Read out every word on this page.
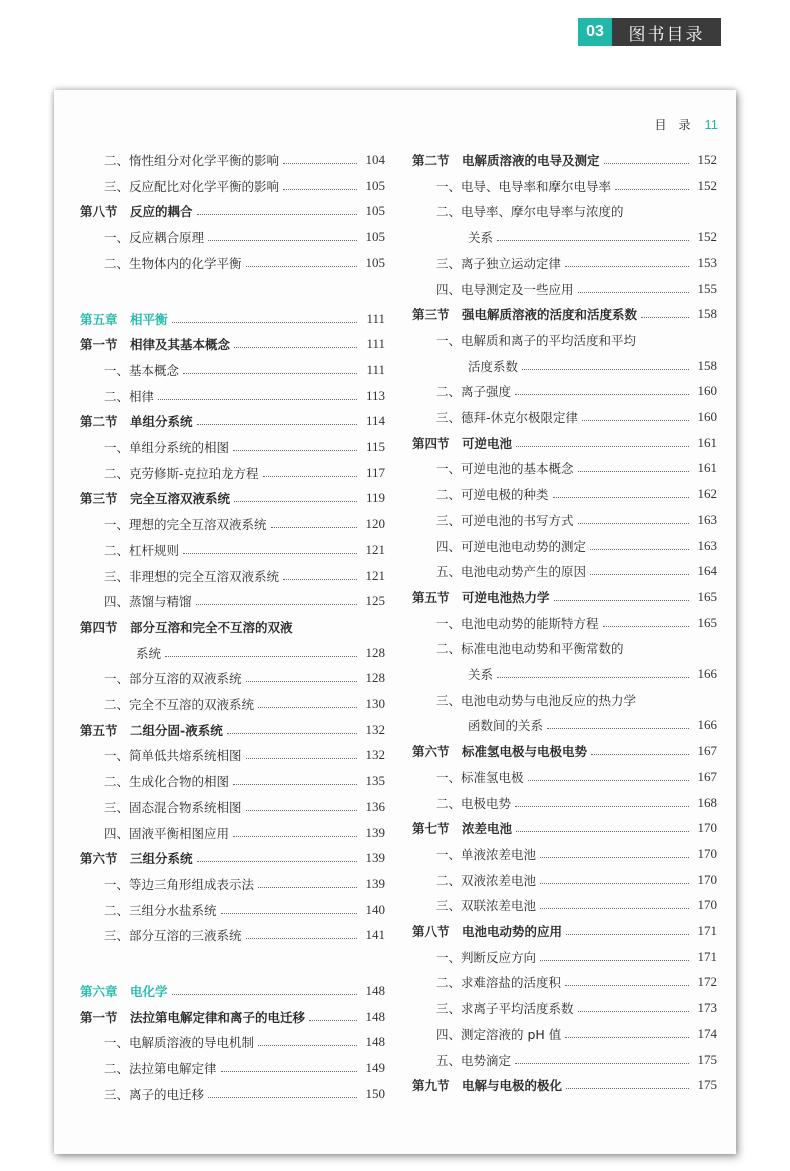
03	图书目录
目　录 11
二、惰性组分对化学平衡的影响	104
三、反应配比对化学平衡的影响	105
第八节　反应的耦合	105
一、反应耦合原理	105
二、生物体内的化学平衡	105
第五章　相平衡	111
第一节　相律及其基本概念	111
一、基本概念	111
二、相律	113
第二节　单组分系统	114
一、单组分系统的相图	115
二、克劳修斯-克拉珀龙方程	117
第三节　完全互溶双液系统	119
一、理想的完全互溶双液系统	120
二、杠杆规则	121
三、非理想的完全互溶双液系统	121
四、蒸馏与精馏	125
第四节　部分互溶和完全不互溶的双液
系统	128
一、部分互溶的双液系统	128
二、完全不互溶的双液系统	130
第五节　二组分固-液系统	132
一、简单低共熔系统相图	132
二、生成化合物的相图	135
三、固态混合物系统相图	136
四、固液平衡相图应用	139
第六节　三组分系统	139
一、等边三角形组成表示法	139
二、三组分水盐系统	140
三、部分互溶的三液系统	141
第六章　电化学	148
第一节　法拉第电解定律和离子的电迁移	148
一、电解质溶液的导电机制	148
二、法拉第电解定律	149
三、离子的电迁移	150
第二节　电解质溶液的电导及测定	152
一、电导、电导率和摩尔电导率	152
二、电导率、摩尔电导率与浓度的
关系	152
三、离子独立运动定律	153
四、电导测定及一些应用	155
第三节　强电解质溶液的活度和活度系数	158
一、电解质和离子的平均活度和平均
活度系数	158
二、离子强度	160
三、德拜-休克尔极限定律	160
第四节　可逆电池	161
一、可逆电池的基本概念	161
二、可逆电极的种类	162
三、可逆电池的书写方式	163
四、可逆电池电动势的测定	163
五、电池电动势产生的原因	164
第五节　可逆电池热力学	165
一、电池电动势的能斯特方程	165
二、标准电池电动势和平衡常数的
关系	166
三、电池电动势与电池反应的热力学
函数间的关系	166
第六节　标准氢电极与电极电势	167
一、标准氢电极	167
二、电极电势	168
第七节　浓差电池	170
一、单液浓差电池	170
二、双液浓差电池	170
三、双联浓差电池	170
第八节　电池电动势的应用	171
一、判断反应方向	171
二、求难溶盐的活度积	172
三、求离子平均活度系数	173
四、测定溶液的 pH 值	174
五、电势滴定	175
第九节　电解与电极的极化	175
